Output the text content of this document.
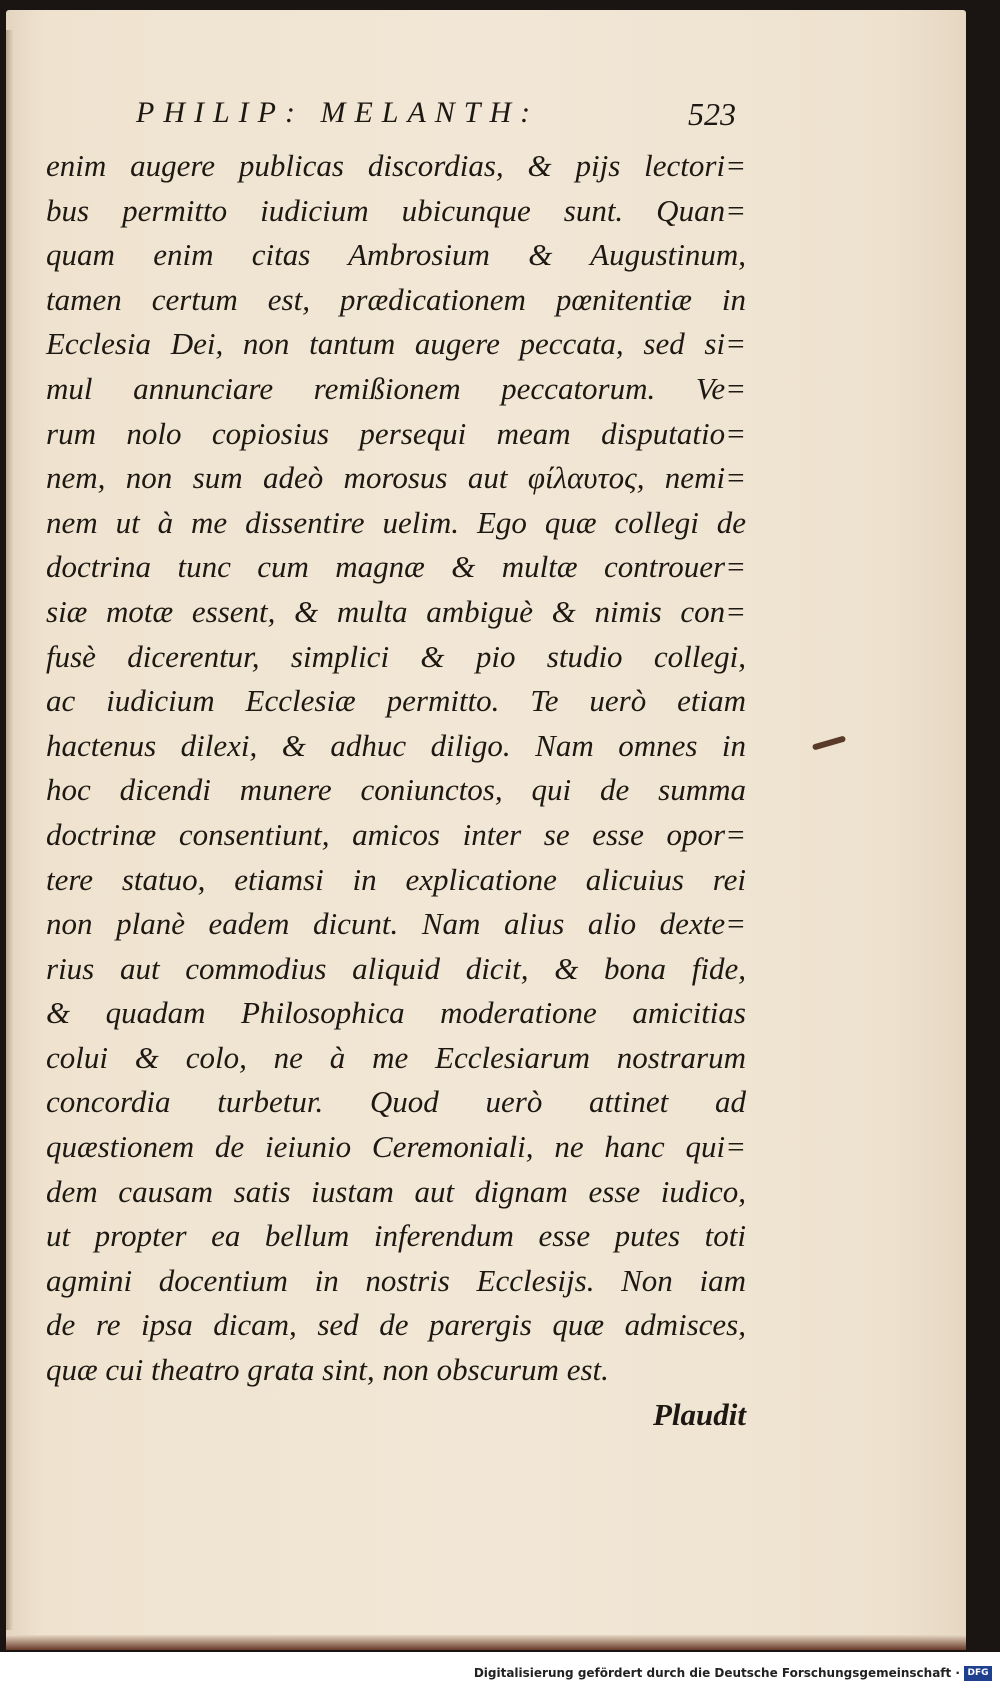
PHILIP: MELANTH:	523
enim augere publicas discordias, & pijs lectori=
bus permitto iudicium ubicunque sunt. Quan=
quam enim citas Ambrosium & Augustinum,
tamen certum est, prædicationem pœnitentiæ in
Ecclesia Dei, non tantum augere peccata, sed si=
mul annunciare remißionem peccatorum. Ve=
rum nolo copiosius persequi meam disputatio=
nem, non sum adeò morosus aut φίλαυτος, nemi=
nem ut à me dissentire uelim. Ego quæ collegi de
doctrina tunc cum magnæ & multæ controuer=
siæ motæ essent, & multa ambiguè & nimis con=
fusè dicerentur, simplici & pio studio collegi,
ac iudicium Ecclesiæ permitto. Te uerò etiam
hactenus dilexi, & adhuc diligo. Nam omnes in
hoc dicendi munere coniunctos, qui de summa
doctrinæ consentiunt, amicos inter se esse opor=
tere statuo, etiamsi in explicatione alicuius rei
non planè eadem dicunt. Nam alius alio dexte=
rius aut commodius aliquid dicit, & bona fide,
& quadam Philosophica moderatione amicitias
colui & colo, ne à me Ecclesiarum nostrarum
concordia turbetur. Quod uerò attinet ad
quæstionem de ieiunio Ceremoniali, ne hanc qui=
dem causam satis iustam aut dignam esse iudico,
ut propter ea bellum inferendum esse putes toti
agmini docentium in nostris Ecclesijs. Non iam
de re ipsa dicam, sed de parergis quæ admisces,
quæ cui theatro grata sint, non obscurum est.
Plaudit
Digitalisierung gefördert durch die Deutsche Forschungsgemeinschaft · DFG
